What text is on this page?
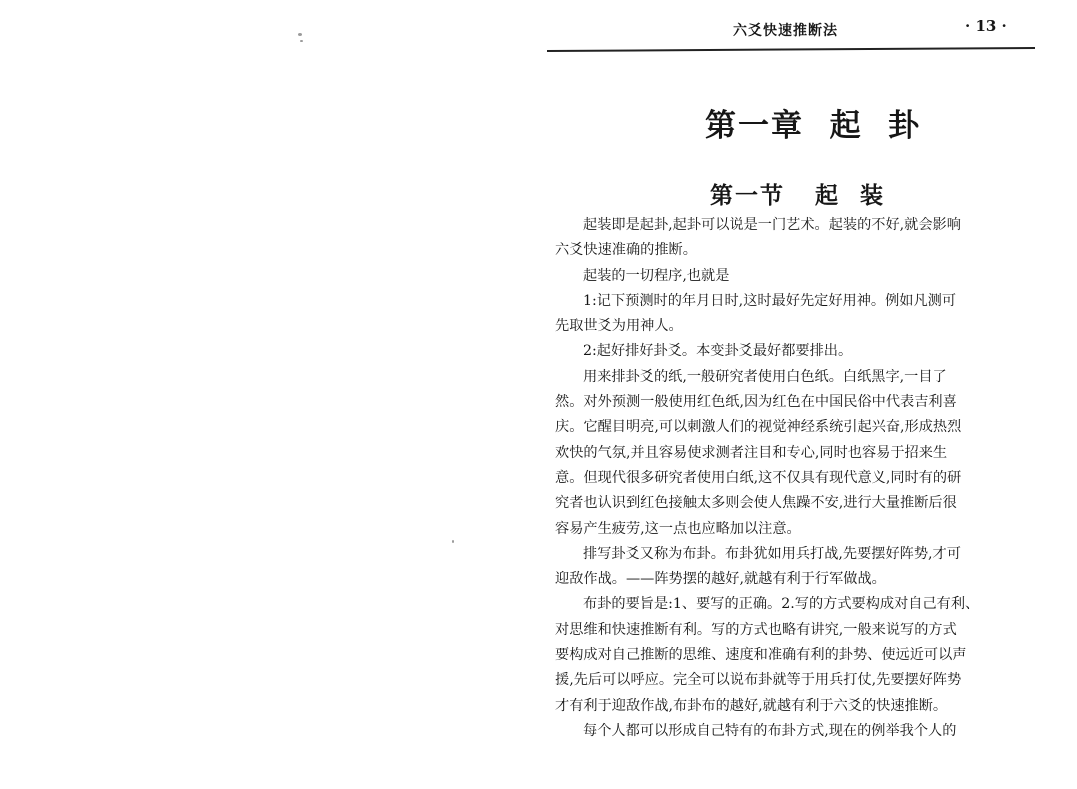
六爻快速推断法	· 13 ·
第一章  起  卦
第一节   起  装
起装即是起卦,起卦可以说是一门艺术。起装的不好,就会影响
六爻快速准确的推断。
起装的一切程序,也就是
1:记下预测时的年月日时,这时最好先定好用神。例如凡测可
先取世爻为用神人。
2:起好排好卦爻。本变卦爻最好都要排出。
用来排卦爻的纸,一般研究者使用白色纸。白纸黑字,一目了
然。对外预测一般使用红色纸,因为红色在中国民俗中代表吉利喜
庆。它醒目明亮,可以刺激人们的视觉神经系统引起兴奋,形成热烈
欢快的气氛,并且容易使求测者注目和专心,同时也容易于招来生
意。但现代很多研究者使用白纸,这不仅具有现代意义,同时有的研
究者也认识到红色接触太多则会使人焦躁不安,进行大量推断后很
容易产生疲劳,这一点也应略加以注意。
排写卦爻又称为布卦。布卦犹如用兵打战,先要摆好阵势,才可
迎敌作战。——阵势摆的越好,就越有利于行军做战。
布卦的要旨是:1、要写的正确。2.写的方式要构成对自己有利、
对思维和快速推断有利。写的方式也略有讲究,一般来说写的方式
要构成对自己推断的思维、速度和准确有利的卦势、使远近可以声
援,先后可以呼应。完全可以说布卦就等于用兵打仗,先要摆好阵势
才有利于迎敌作战,布卦布的越好,就越有利于六爻的快速推断。
每个人都可以形成自己特有的布卦方式,现在的例举我个人的
